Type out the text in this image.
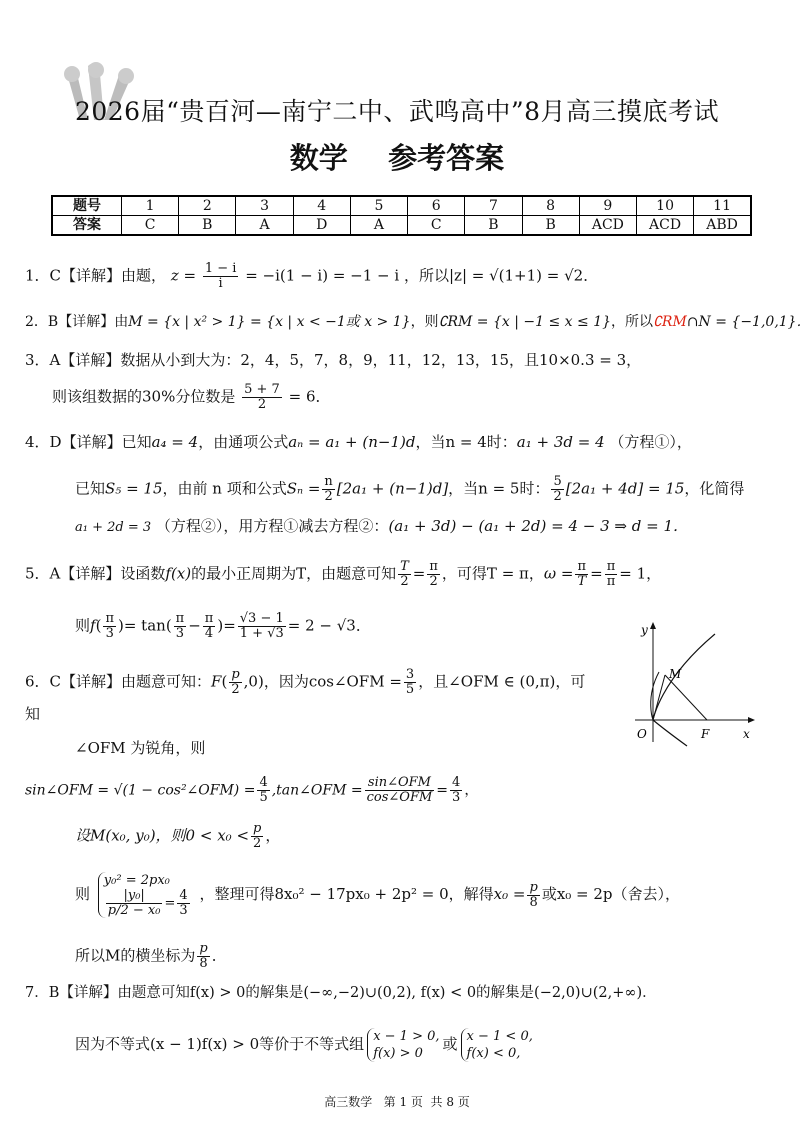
2026届“贵百河—南宁二中、武鸣高中”8月高三摸底考试
数学    参考答案
题号	1	2	3	4	5	6	7	8	9	10	11
答案	C	B	A	D	A	C	B	B	ACD	ACD	ABD
1．C【详解】由题， $z = \frac{1 - i}{i} = -i(1 - i) = -1 - i$ ，所以|z| = √(1+1) = √2．
2．B【详解】由M = {x | x² > 1} = {x | x < −1或 x > 1}，则∁RM = {x | −1 ≤ x ≤ 1}，所以∁RM∩N = {−1,0,1}．
3．A【详解】数据从小到大为：2，4，5，7，8，9，11，12，13，15，且10×0.3 = 3，
则该组数据的30%分位数是 $\frac{5 + 7}{2} = 6$．
4．D【详解】已知a₄ = 4，由通项公式aₙ = a₁ + (n−1)d，当n = 4时：a₁ + 3d = 4 （方程①），
已知S₅ = 15，由前 n 项和公式$S_n = \frac{n}{2} [2a_1 + (n-1)d]$，当n = 5时： $\frac{5}{2} [2a_1 + 4d] = 15$，化简得
a₁ + 2d = 3 （方程②），用方程①减去方程②：(a₁ + 3d) − (a₁ + 2d) = 4 − 3 ⇒ d = 1．
5．A【详解】设函数f(x)的最小正周期为T，由题意可知 $\frac{T}{2} = \frac{\pi}{2}$ ，可得T = π，$\omega = \frac{\pi}{T} = \frac{\pi}{\pi} = 1$，
则$f( \frac{\pi}{3}$ )= $\tan( \frac{\pi}{3} - \frac{\pi}{4}$ )= $\frac{√3 - 1}{1 + √3} = 2 - √3$．	y
x
O
M
F
6．C【详解】由题意可知：$F( \frac{p}{2} ,0)$，因为cos∠OFM = $\frac{3}{5}$ ，且∠OFM ∈ (0,π)，可
知
∠OFM 为锐角，则
sin∠OFM = √(1 − cos²∠OFM) = $\frac{4}{5}$ ,tan∠OFM = $\frac{\text{sin∠OFM}}{\text{cos∠OFM}} = \frac{4}{3}$ ，
设M(x₀, y₀)，则$0 < x_0 < \frac{p}{2}$ ，
则
y₀² = 2px₀
$\frac{\text{|y₀|}}{\text{p/2 − x₀}} = \frac{4}{3}$ ，整理可得8x₀² − 17px₀ + 2p² = 0，解得$x_0 = \frac{p}{8}$ 或x₀ = 2p（舍去），
所以M的横坐标为 $\frac{p}{8}$ ．
7．B【详解】由题意可知f(x) > 0的解集是(−∞,−2)∪(0,2), f(x) < 0的解集是(−2,0)∪(2,+∞)．
因为不等式(x − 1)f(x) > 0等价于不等式组 x − 1 > 0,
f(x) > 0
或 x − 1 < 0,
f(x) < 0,
高三数学   第 1 页  共 8 页
